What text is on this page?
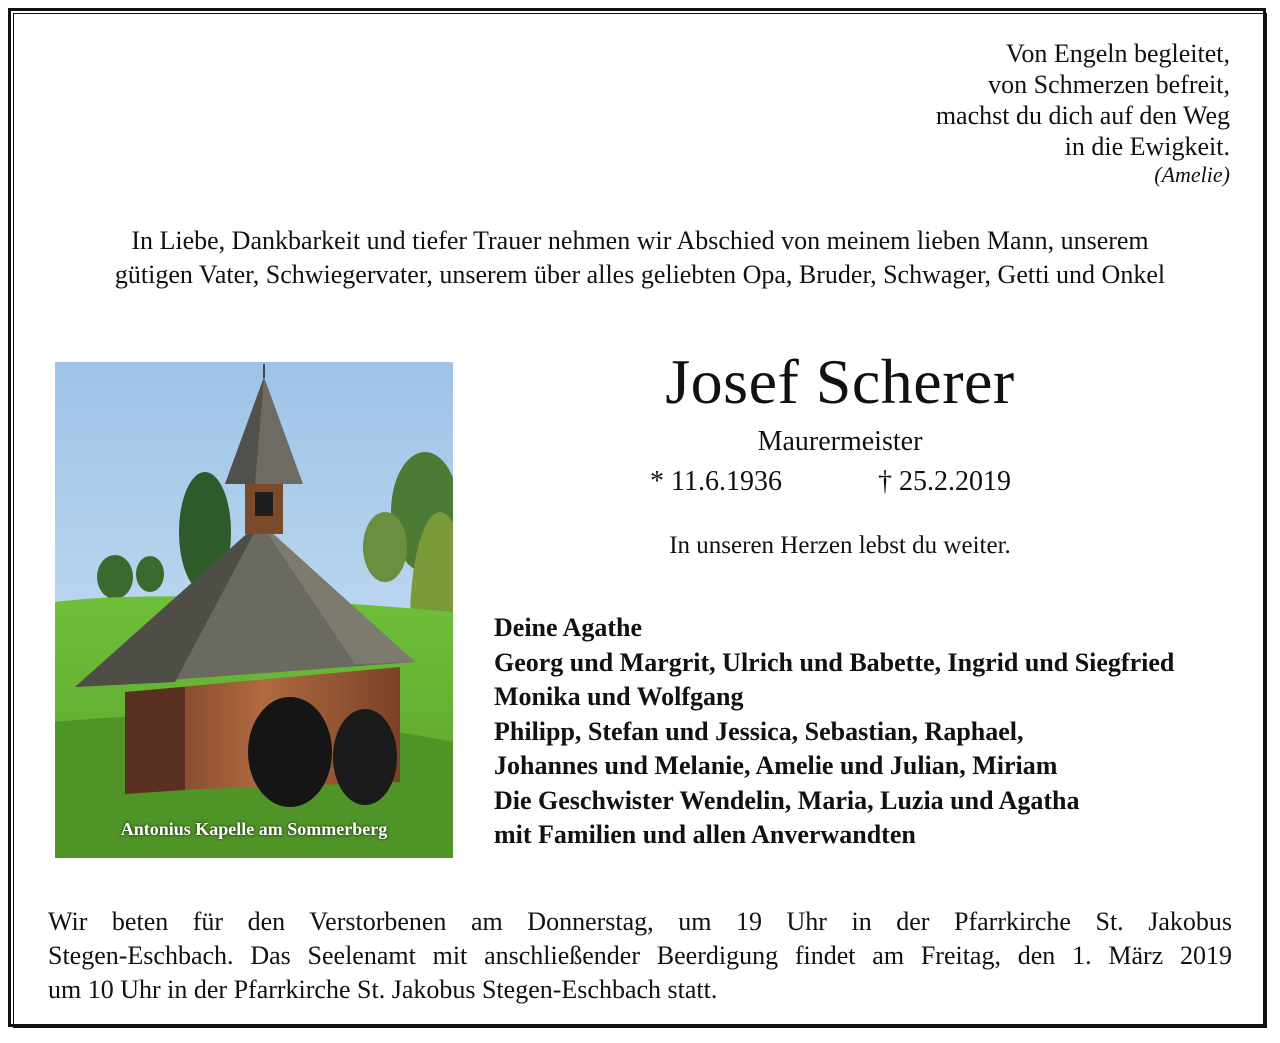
Von Engeln begleitet,
von Schmerzen befreit,
machst du dich auf den Weg
in die Ewigkeit.
(Amelie)
In Liebe, Dankbarkeit und tiefer Trauer nehmen wir Abschied von meinem lieben Mann, unserem
gütigen Vater, Schwiegervater, unserem über alles geliebten Opa, Bruder, Schwager, Getti und Onkel
Antonius Kapelle am Sommerberg
Josef Scherer
Maurermeister
* 11.6.1936	† 25.2.2019
In unseren Herzen lebst du weiter.
Deine Agathe
Georg und Margrit, Ulrich und Babette, Ingrid und Siegfried
Monika und Wolfgang
Philipp, Stefan und Jessica, Sebastian, Raphael,
Johannes und Melanie, Amelie und Julian, Miriam
Die Geschwister Wendelin, Maria, Luzia und Agatha
mit Familien und allen Anverwandten
Wir beten für den Verstorbenen am Donnerstag, um 19 Uhr in der Pfarrkirche St. Jakobus
Stegen-Eschbach. Das Seelenamt mit anschließender Beerdigung findet am Freitag, den 1. März 2019
um 10 Uhr in der Pfarrkirche St. Jakobus Stegen-Eschbach statt.
